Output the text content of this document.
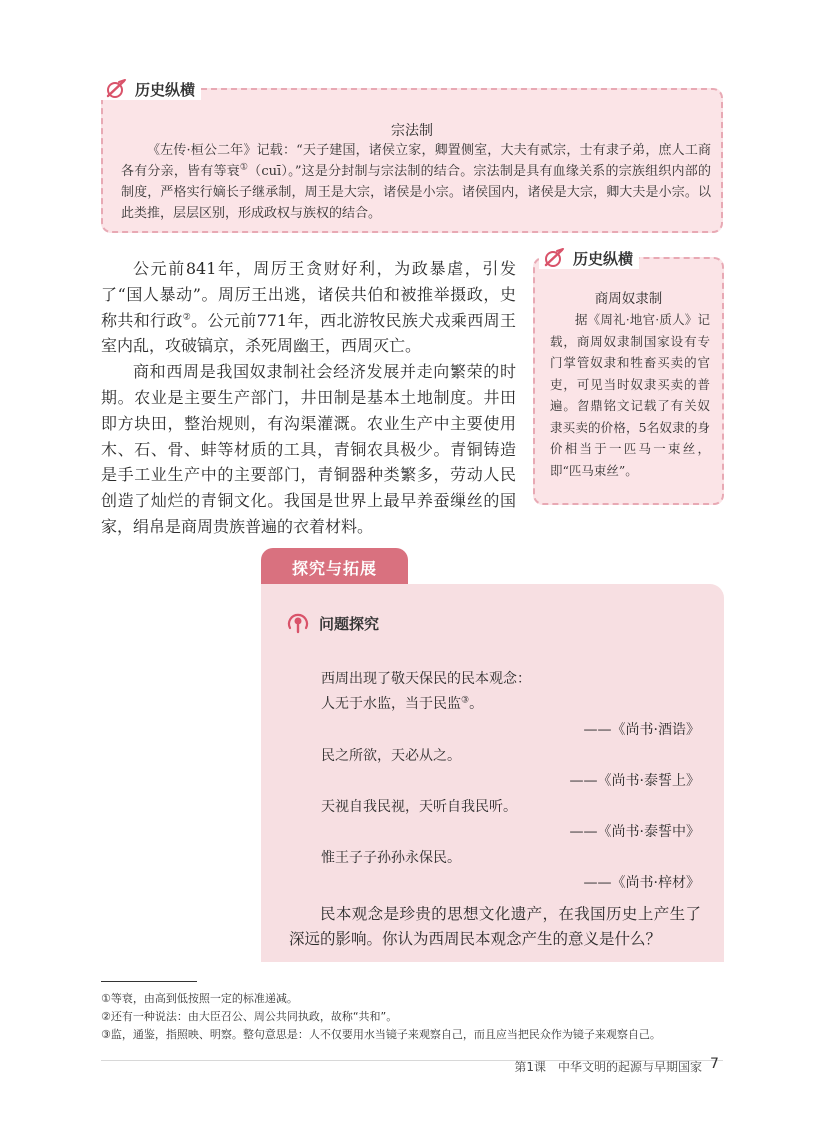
历史纵横
宗法制
《左传·桓公二年》记载：“天子建国，诸侯立家，卿置侧室，大夫有贰宗，士有隶子弟，庶人工商各有分亲，皆有等衰①（cuī）。”这是分封制与宗法制的结合。宗法制是具有血缘关系的宗族组织内部的制度，严格实行嫡长子继承制，周王是大宗，诸侯是小宗。诸侯国内，诸侯是大宗，卿大夫是小宗。以此类推，层层区别，形成政权与族权的结合。

公元前841年，周厉王贪财好利，为政暴虐，引发了“国人暴动”。周厉王出逃，诸侯共伯和被推举摄政，史称共和行政②。公元前771年，西北游牧民族犬戎乘西周王室内乱，攻破镐京，杀死周幽王，西周灭亡。

商和西周是我国奴隶制社会经济发展并走向繁荣的时期。农业是主要生产部门，井田制是基本土地制度。井田即方块田，整治规则，有沟渠灌溉。农业生产中主要使用木、石、骨、蚌等材质的工具，青铜农具极少。青铜铸造是手工业生产中的主要部门，青铜器种类繁多，劳动人民创造了灿烂的青铜文化。我国是世界上最早养蚕缫丝的国家，绢帛是商周贵族普遍的衣着材料。

历史纵横
商周奴隶制
据《周礼·地官·质人》记载，商周奴隶制国家设有专门掌管奴隶和牲畜买卖的官吏，可见当时奴隶买卖的普遍。曶鼎铭文记载了有关奴隶买卖的价格，5名奴隶的身价相当于一匹马一束丝，即“匹马束丝”。
探究与拓展
问题探究
西周出现了敬天保民的民本观念：
人无于水监，当于民监③。
——《尚书·酒诰》
民之所欲，天必从之。
——《尚书·泰誓上》
天视自我民视，天听自我民听。
——《尚书·泰誓中》
惟王子子孙孙永保民。
——《尚书·梓材》
民本观念是珍贵的思想文化遗产，在我国历史上产生了深远的影响。你认为西周民本观念产生的意义是什么？
①等衰，由高到低按照一定的标准递减。
②还有一种说法：由大臣召公、周公共同执政，故称“共和”。
③监，通鉴，指照映、明察。整句意思是：人不仅要用水当镜子来观察自己，而且应当把民众作为镜子来观察自己。
第1课　中华文明的起源与早期国家 7
